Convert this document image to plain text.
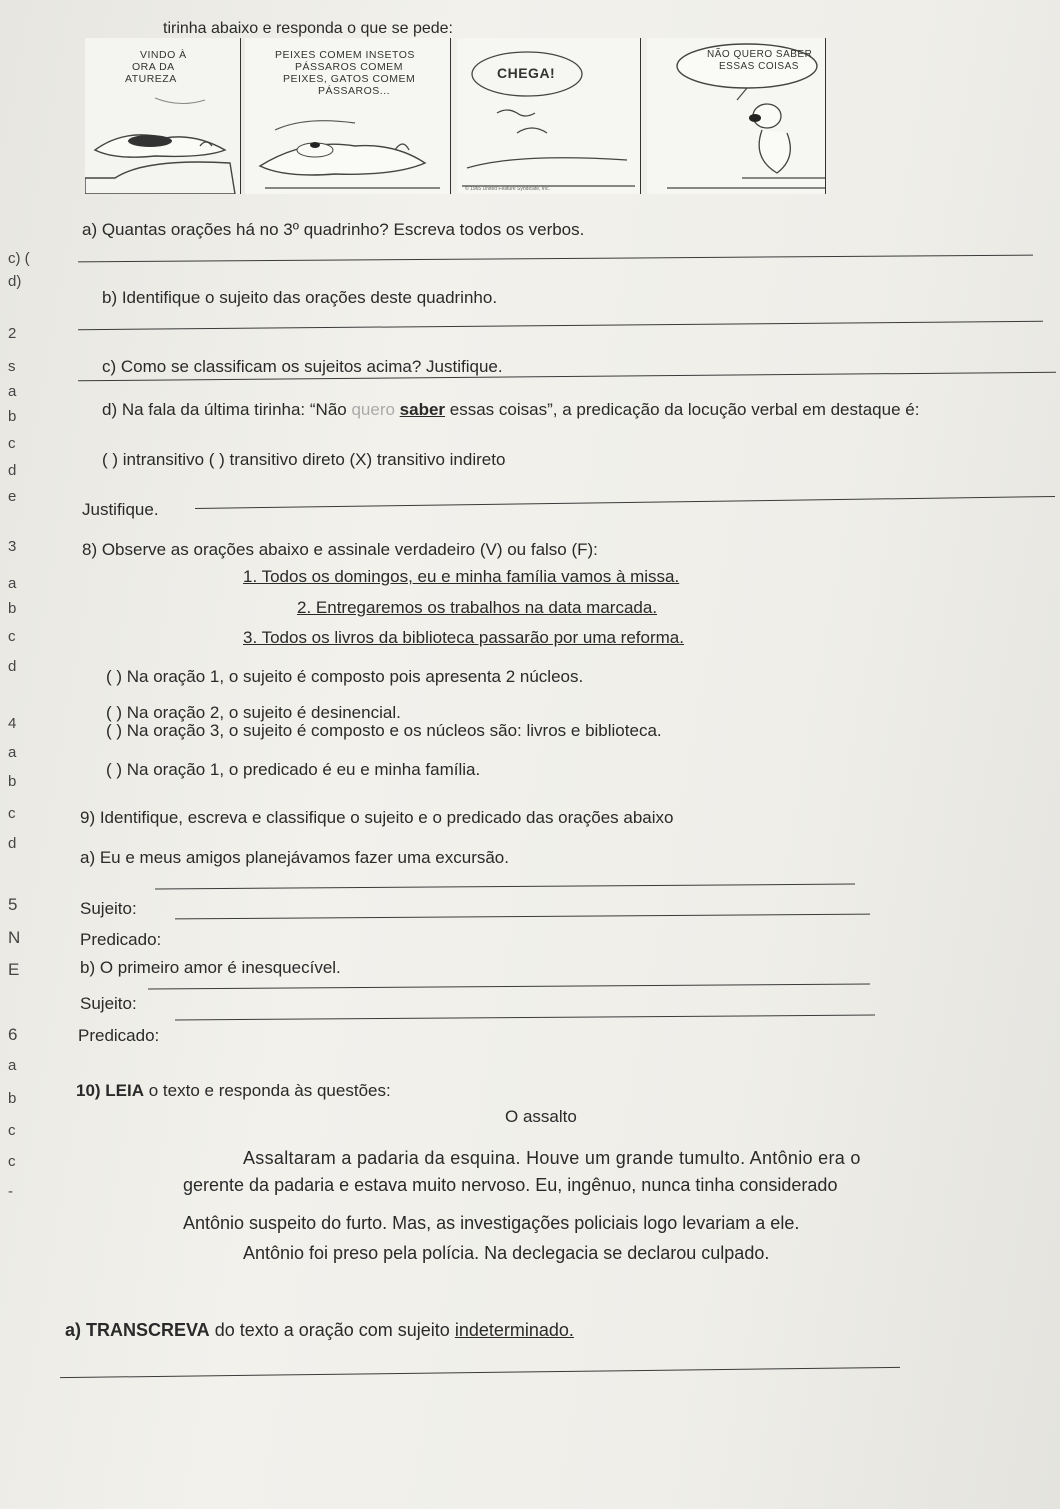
tirinha abaixo e responda o que se pede:
VINDO À
ORA DA
ATUREZA
PEIXES COMEM INSETOS
PÁSSAROS COMEM
PEIXES, GATOS COMEM
PÁSSAROS...
CHEGA!
© 1965 United Feature Syndicate, Inc.
NÃO QUERO SABER
ESSAS COISAS
c) (
d)
2
s
a
b
c
d
e
3
a
b
c
d
4
a
b
c
d
5
N
E
6
a
b
c
c
-
a) Quantas orações há no 3º quadrinho? Escreva todos os verbos.
b) Identifique o sujeito das orações deste quadrinho.
c) Como se classificam os sujeitos acima? Justifique.
d) Na fala da última tirinha: “Não quero saber essas coisas”, a predicação da locução verbal em destaque é:
( ) intransitivo ( ) transitivo direto (X) transitivo indireto
Justifique.
8) Observe as orações abaixo e assinale verdadeiro (V) ou falso (F):
1. Todos os domingos, eu e minha família vamos à missa.
2. Entregaremos os trabalhos na data marcada.
3. Todos os livros da biblioteca passarão por uma reforma.
( ) Na oração 1, o sujeito é composto pois apresenta 2 núcleos.
( ) Na oração 2, o sujeito é desinencial.
( ) Na oração 3, o sujeito é composto e os núcleos são: livros e biblioteca.
( ) Na oração 1, o predicado é eu e minha família.
9) Identifique, escreva e classifique o sujeito e o predicado das orações abaixo
a) Eu e meus amigos planejávamos fazer uma excursão.
Sujeito:
Predicado:
b) O primeiro amor é inesquecível.
Sujeito:
Predicado:
10) LEIA o texto e responda às questões:
O assalto
Assaltaram a padaria da esquina. Houve um grande tumulto. Antônio era o
gerente da padaria e estava muito nervoso. Eu, ingênuo, nunca tinha considerado
Antônio suspeito do furto. Mas, as investigações policiais logo levariam a ele.
Antônio foi preso pela polícia. Na declegacia se declarou culpado.
a) TRANSCREVA do texto a oração com sujeito indeterminado.
